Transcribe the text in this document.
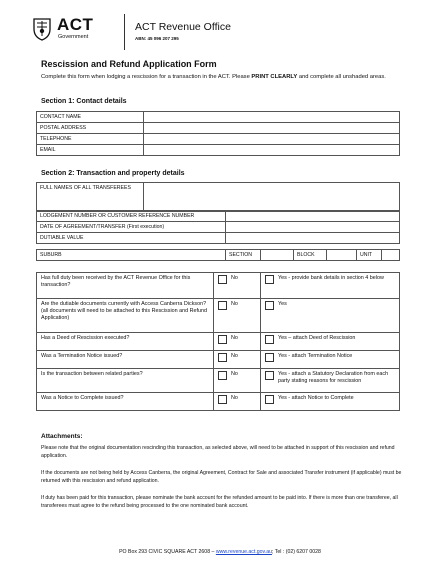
ACT
Government
ACT Revenue Office
ABN: 45 096 207 295
Rescission and Refund Application Form
Complete this form when lodging a rescission for a transaction in the ACT. Please PRINT CLEARLY and complete all unshaded areas.
Section 1: Contact details
CONTACT NAME	
POSTAL ADDRESS	
TELEPHONE	
EMAIL	
Section 2: Transaction and property details
FULL NAMES OF ALL TRANSFEREES	
LODGEMENT NUMBER OR CUSTOMER REFERENCE NUMBER	
DATE OF AGREEMENT/TRANSFER (First execution)	
DUTIABLE VALUE	
SUBURB	SECTION		BLOCK		UNIT	
Has full duty been received by the ACT Revenue Office for this transaction?	No	Yes - provide bank details in section 4 below

Are the dutiable documents currently with Access Canberra Dickson? (all documents will need to be attached to this Rescission and Refund Application)	No	Yes

Has a Deed of Rescission executed?	No	Yes – attach Deed of Rescission

Was a Termination Notice issued?	No	Yes - attach Termination Notice

Is the transaction between related parties?	No	Yes - attach a Statutory Declaration from each party stating reasons for rescission

Was a Notice to Complete issued?	No	Yes - attach Notice to Complete
Attachments:
Please note that the original documentation rescinding this transaction, as selected above, will need to be attached in support of this rescission and refund application.
If the documents are not being held by Access Canberra, the original Agreement, Contract for Sale and associated Transfer instrument (if applicable) must be returned with this rescission and refund application.
If duty has been paid for this transaction, please nominate the bank account for the refunded amount to be paid into. If there is more than one transferee, all transferees must agree to the refund being processed to the one nominated bank account.
PO Box 293 CIVIC SQUARE ACT 2608 – www.revenue.act.gov.au; Tel : (02) 6207 0028
